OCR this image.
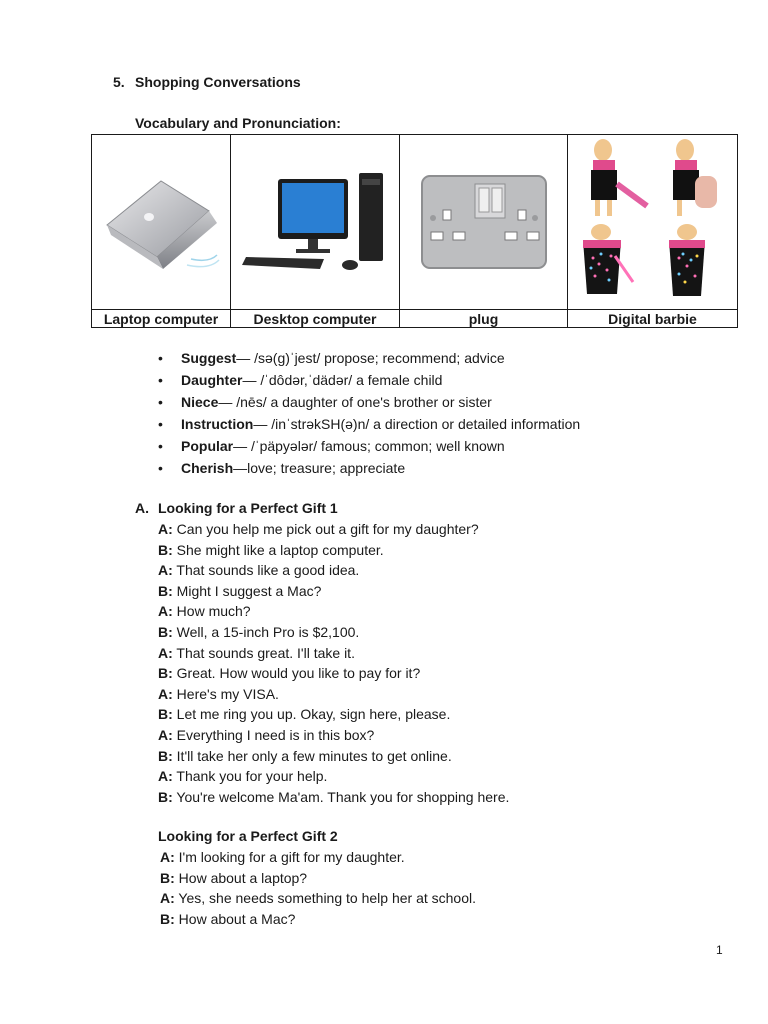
5. Shopping Conversations
Vocabulary and Pronunciation:

Laptop computer	Desktop computer	plug	Digital barbie
• Suggest— /sə(g)ˈjest/ propose; recommend; advice
• Daughter— /ˈdôdər,ˈdädər/ a female child
• Niece— /nēs/ a daughter of one's brother or sister
• Instruction— /inˈstrəkSH(ə)n/ a direction or detailed information
• Popular— /ˈpäpyələr/ famous; common; well known
• Cherish—love; treasure; appreciate
A. Looking for a Perfect Gift 1
A: Can you help me pick out a gift for my daughter?
B: She might like a laptop computer.
A: That sounds like a good idea.
B: Might I suggest a Mac?
A: How much?
B: Well, a 15-inch Pro is $2,100.
A: That sounds great. I'll take it.
B: Great. How would you like to pay for it?
A: Here's my VISA.
B: Let me ring you up. Okay, sign here, please.
A: Everything I need is in this box?
B: It'll take her only a few minutes to get online.
A: Thank you for your help.
B: You're welcome Ma'am. Thank you for shopping here.
Looking for a Perfect Gift 2
A: I'm looking for a gift for my daughter.
B: How about a laptop?
A: Yes, she needs something to help her at school.
B: How about a Mac?
1
